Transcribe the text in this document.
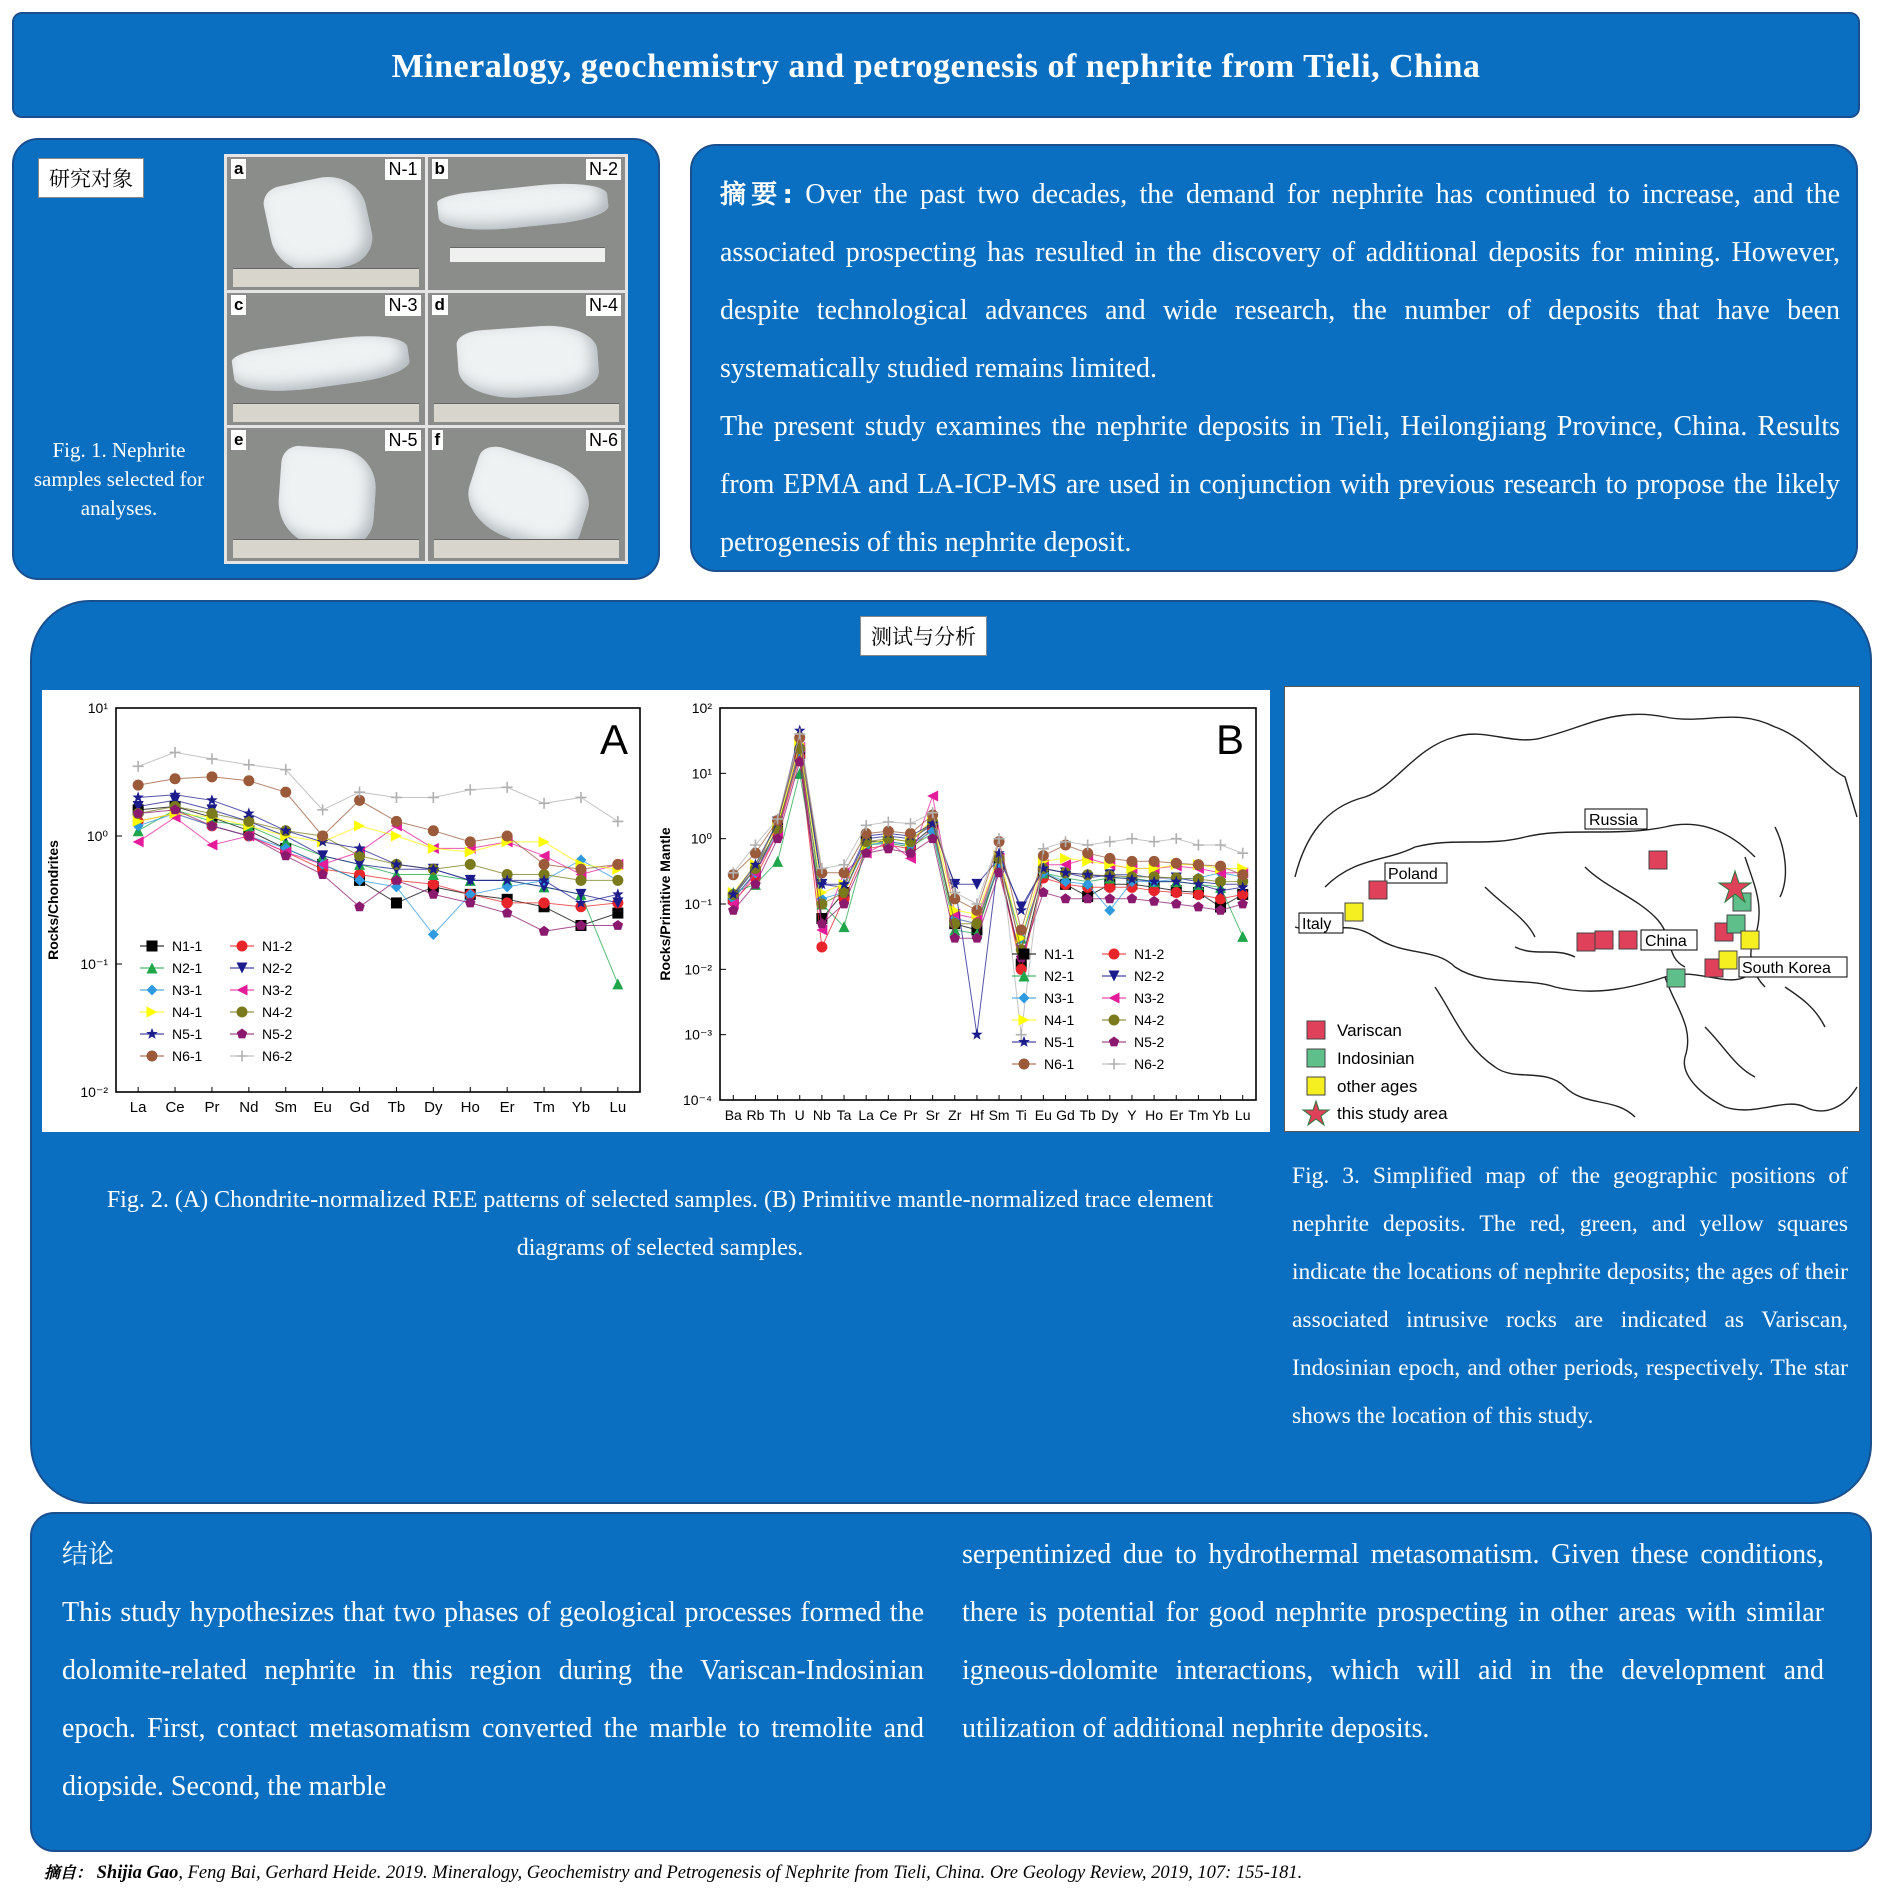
Mineralogy, geochemistry and petrogenesis of nephrite from Tieli, China
研究对象	a	N-1 b	N-2
c	N-3 d	N-4
e	N-5 f	N-6
Fig. 1. Nephrite samples selected for analyses.
摘要: Over the past two decades, the demand for nephrite has continued to increase, and the associated prospecting has resulted in the discovery of additional deposits for mining. However, despite technological advances and wide research, the number of deposits that have been systematically studied remains limited.
The present study examines the nephrite deposits in Tieli, Heilongjiang Province, China. Results from EPMA and LA-ICP-MS are used in conjunction with previous research to propose the likely petrogenesis of this nephrite deposit.
测试与分析
10¹
10⁰
10⁻¹
10⁻²
La Ce Pr Nd Sm Eu Gd Tb Dy Ho Er Tm Yb Lu
Rocks/Chondrites
A
N1-1	N1-2
N2-1	N2-2
N3-1	N3-2
N4-1	N4-2
N5-1	N5-2
N6-1	N6-2
10²
10¹
10⁰
10⁻¹
10⁻²
10⁻³
10⁻⁴
Ba Rb Th U Nb Ta La Ce Pr Sr Zr Hf Sm Ti Eu Gd Tb Dy Y Ho Er Tm Yb Lu
Rocks/Primitive Mantle
B
N1-1	N1-2
N2-1	N2-2
N3-1	N3-2
N4-1	N4-2
N5-1	N5-2
N6-1	N6-2
Russia
Poland
Italy
China
South Korea
Variscan
Indosinian
other ages
this study area
Fig. 2. (A) Chondrite-normalized REE patterns of selected samples. (B) Primitive mantle-normalized trace element diagrams of selected samples.
Fig. 3. Simplified map of the geographic positions of nephrite deposits. The red, green, and yellow squares indicate the locations of nephrite deposits; the ages of their associated intrusive rocks are indicated as Variscan, Indosinian epoch, and other periods, respectively. The star shows the location of this study.
结论
This study hypothesizes that two phases of geological processes formed the dolomite-related nephrite in this region during the Variscan-Indosinian epoch. First, contact metasomatism converted the marble to tremolite and diopside. Second, the marble
serpentinized due to hydrothermal metasomatism. Given these conditions, there is potential for good nephrite prospecting in other areas with similar igneous-dolomite interactions, which will aid in the development and utilization of additional nephrite deposits.
摘自： Shijia Gao, Feng Bai, Gerhard Heide. 2019. Mineralogy, Geochemistry and Petrogenesis of Nephrite from Tieli, China. Ore Geology Review, 2019, 107: 155-181.
